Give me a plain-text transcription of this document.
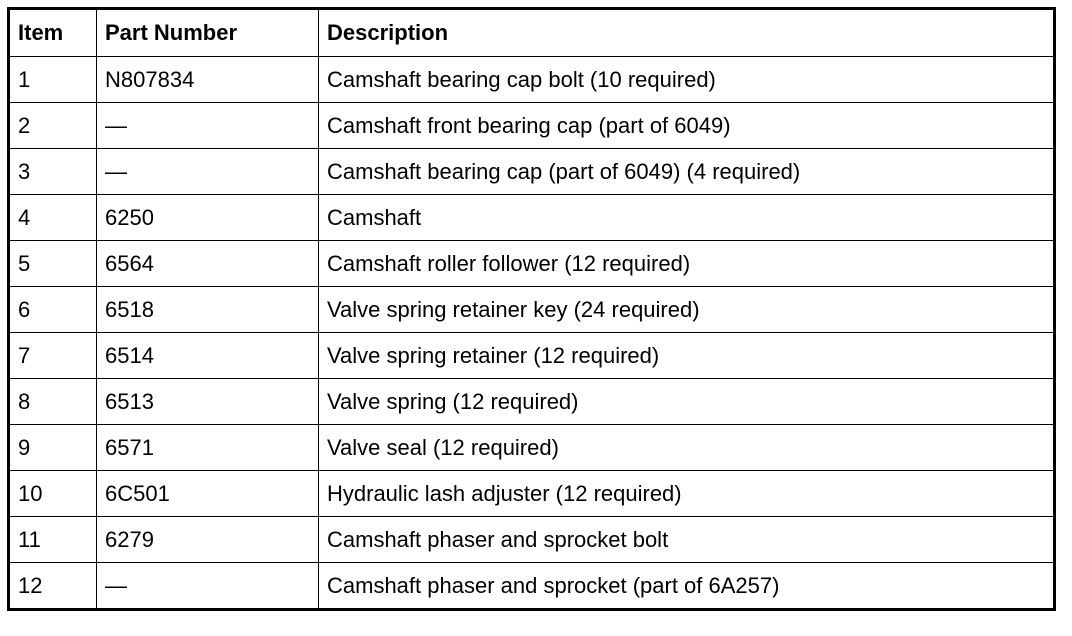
Item	Part Number	Description
1	N807834	Camshaft bearing cap bolt (10 required)
2	—	Camshaft front bearing cap (part of 6049)
3	—	Camshaft bearing cap (part of 6049) (4 required)
4	6250	Camshaft
5	6564	Camshaft roller follower (12 required)
6	6518	Valve spring retainer key (24 required)
7	6514	Valve spring retainer (12 required)
8	6513	Valve spring (12 required)
9	6571	Valve seal (12 required)
10	6C501	Hydraulic lash adjuster (12 required)
11	6279	Camshaft phaser and sprocket bolt
12	—	Camshaft phaser and sprocket (part of 6A257)
